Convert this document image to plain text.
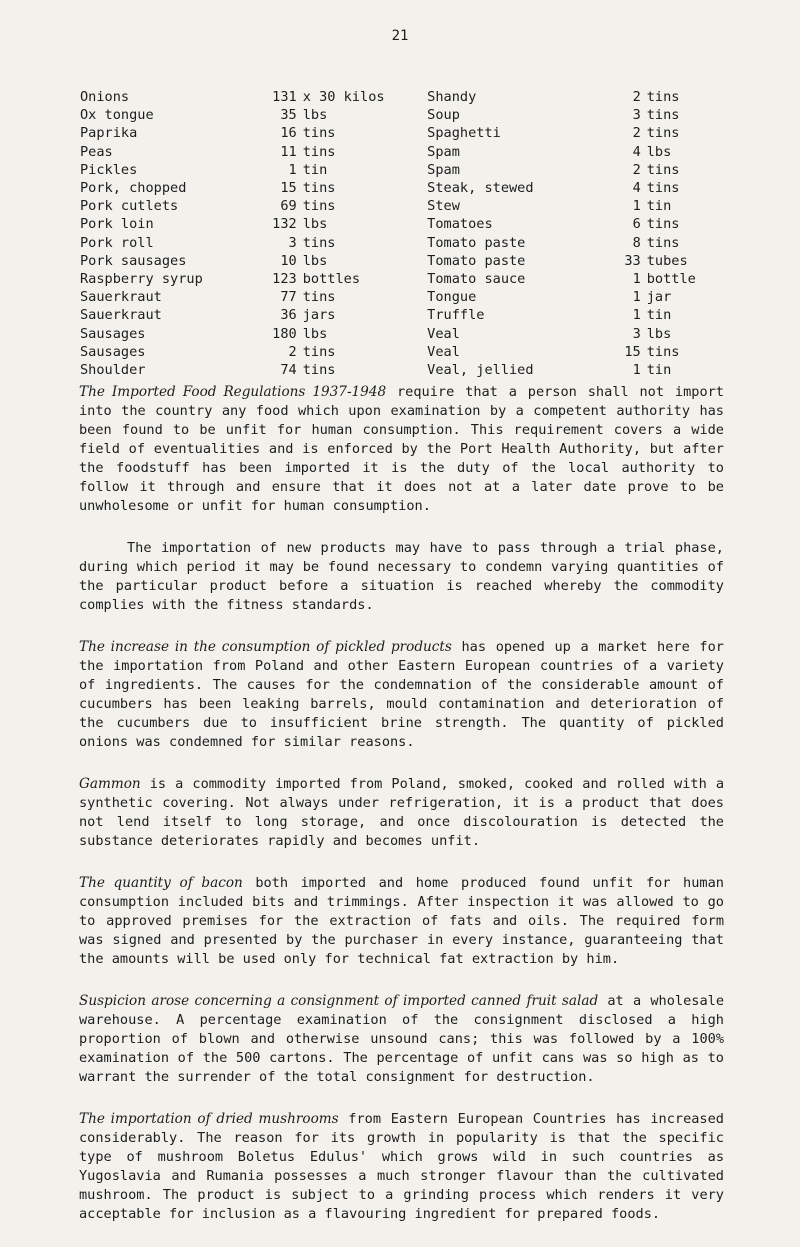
21
Onions	131	x 30 kilos		Shandy	2	tins
Ox tongue	35	lbs		Soup	3	tins
Paprika	16	tins		Spaghetti	2	tins
Peas	11	tins		Spam	4	lbs
Pickles	1	tin		Spam	2	tins
Pork, chopped	15	tins		Steak, stewed	4	tins
Pork cutlets	69	tins		Stew	1	tin
Pork loin	132	lbs		Tomatoes	6	tins
Pork roll	3	tins		Tomato paste	8	tins
Pork sausages	10	lbs		Tomato paste	33	tubes
Raspberry syrup	123	bottles		Tomato sauce	1	bottle
Sauerkraut	77	tins		Tongue	1	jar
Sauerkraut	36	jars		Truffle	1	tin
Sausages	180	lbs		Veal	3	lbs
Sausages	2	tins		Veal	15	tins
Shoulder	74	tins		Veal, jellied	1	tin

The Imported Food Regulations 1937-1948 require that a person shall not import into the country any food which upon examination by a competent authority has been found to be unfit for human consumption. This requirement covers a wide field of eventualities and is enforced by the Port Health Authority, but after the foodstuff has been imported it is the duty of the local authority to follow it through and ensure that it does not at a later date prove to be unwholesome or unfit for human consumption.

The importation of new products may have to pass through a trial phase, during which period it may be found necessary to condemn varying quantities of the particular product before a situation is reached whereby the commodity complies with the fitness standards.

The increase in the consumption of pickled products has opened up a market here for the importation from Poland and other Eastern European countries of a variety of ingredients. The causes for the condemnation of the considerable amount of cucumbers has been leaking barrels, mould contamination and deterioration of the cucumbers due to insufficient brine strength. The quantity of pickled onions was condemned for similar reasons.

Gammon is a commodity imported from Poland, smoked, cooked and rolled with a synthetic covering. Not always under refrigeration, it is a product that does not lend itself to long storage, and once discolouration is detected the substance deteriorates rapidly and becomes unfit.

The quantity of bacon both imported and home produced found unfit for human consumption included bits and trimmings. After inspection it was allowed to go to approved premises for the extraction of fats and oils. The required form was signed and presented by the purchaser in every instance, guaranteeing that the amounts will be used only for technical fat extraction by him.

Suspicion arose concerning a consignment of imported canned fruit salad at a wholesale warehouse. A percentage examination of the consignment disclosed a high proportion of blown and otherwise unsound cans; this was followed by a 100% examination of the 500 cartons. The percentage of unfit cans was so high as to warrant the surrender of the total consignment for destruction.

The importation of dried mushrooms from Eastern European Countries has increased considerably. The reason for its growth in popularity is that the specific type of mushroom Boletus Edulus' which grows wild in such countries as Yugoslavia and Rumania possesses a much stronger flavour than the cultivated mushroom. The product is subject to a grinding process which renders it very acceptable for inclusion as a flavouring ingredient for prepared foods.
